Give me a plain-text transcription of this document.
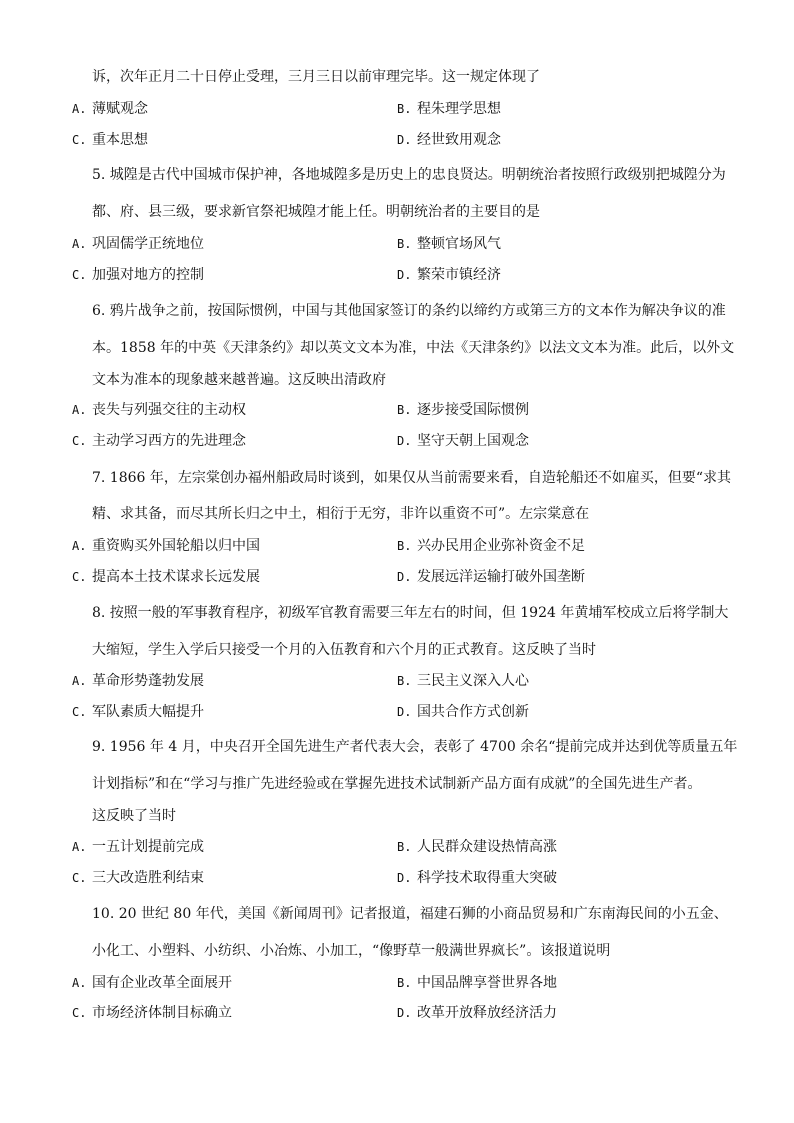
诉，次年正月二十日停止受理，三月三日以前审理完毕。这一规定体现了
A. 薄赋观念	B. 程朱理学思想
C. 重本思想	D. 经世致用观念
5. 城隍是古代中国城市保护神，各地城隍多是历史上的忠良贤达。明朝统治者按照行政级别把城隍分为
都、府、县三级，要求新官祭祀城隍才能上任。明朝统治者的主要目的是
A. 巩固儒学正统地位	B. 整顿官场风气
C. 加强对地方的控制	D. 繁荣市镇经济
6. 鸦片战争之前，按国际惯例，中国与其他国家签订的条约以缔约方或第三方的文本作为解决争议的准
本。1858 年的中英《天津条约》却以英文文本为准，中法《天津条约》以法文文本为准。此后，以外文
文本为准本的现象越来越普遍。这反映出清政府
A. 丧失与列强交往的主动权	B. 逐步接受国际惯例
C. 主动学习西方的先进理念	D. 坚守天朝上国观念
7. 1866 年，左宗棠创办福州船政局时谈到，如果仅从当前需要来看，自造轮船还不如雇买，但要“求其
精、求其备，而尽其所长归之中土，相衍于无穷，非许以重资不可”。左宗棠意在
A. 重资购买外国轮船以归中国	B. 兴办民用企业弥补资金不足
C. 提高本土技术谋求长远发展	D. 发展远洋运输打破外国垄断
8. 按照一般的军事教育程序，初级军官教育需要三年左右的时间，但 1924 年黄埔军校成立后将学制大
大缩短，学生入学后只接受一个月的入伍教育和六个月的正式教育。这反映了当时
A. 革命形势蓬勃发展	B. 三民主义深入人心
C. 军队素质大幅提升	D. 国共合作方式创新
9. 1956 年 4 月，中央召开全国先进生产者代表大会，表彰了 4700 余名“提前完成并达到优等质量五年
计划指标”和在“学习与推广先进经验或在掌握先进技术试制新产品方面有成就”的全国先进生产者。
这反映了当时
A. 一五计划提前完成	B. 人民群众建设热情高涨
C. 三大改造胜利结束	D. 科学技术取得重大突破
10. 20 世纪 80 年代，美国《新闻周刊》记者报道，福建石狮的小商品贸易和广东南海民间的小五金、
小化工、小塑料、小纺织、小冶炼、小加工，“像野草一般满世界疯长”。该报道说明
A. 国有企业改革全面展开	B. 中国品牌享誉世界各地
C. 市场经济体制目标确立	D. 改革开放释放经济活力
